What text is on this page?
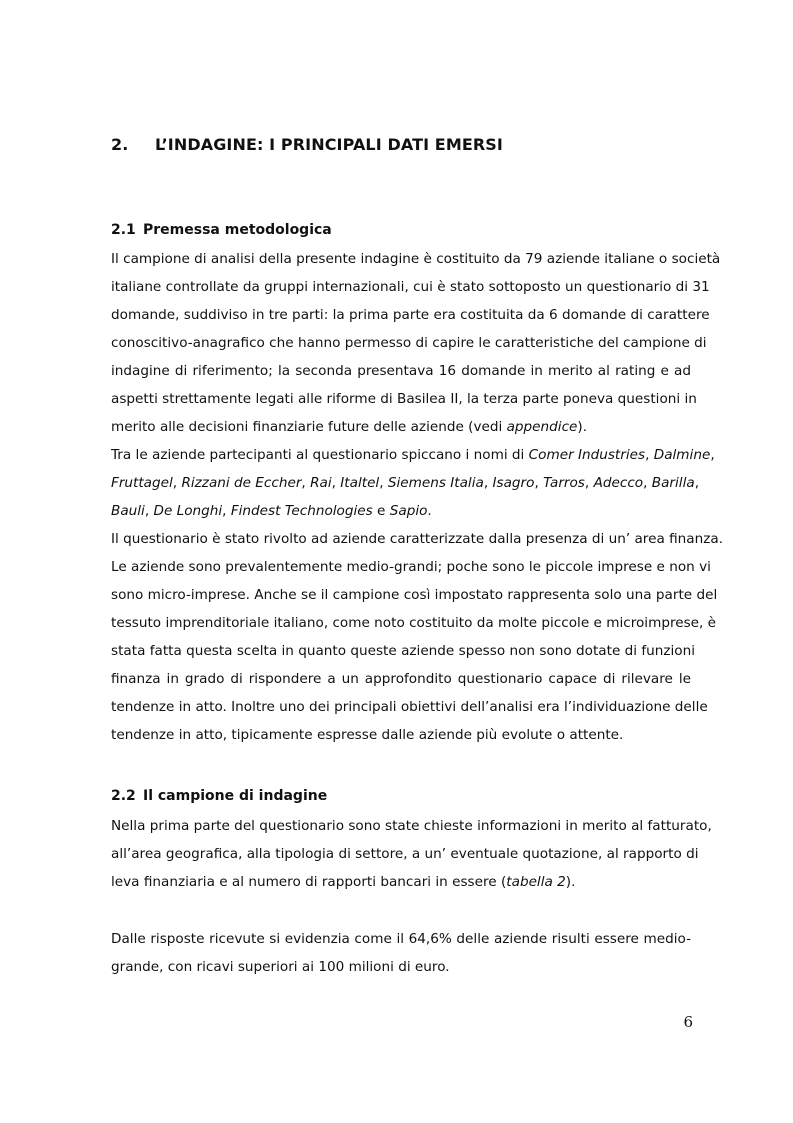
2. L’INDAGINE: I PRINCIPALI DATI EMERSI
2.1 Premessa metodologica
Il campione di analisi della presente indagine è costituito da 79 aziende italiane o società
italiane controllate da gruppi internazionali, cui è stato sottoposto un questionario di 31
domande, suddiviso in tre parti: la prima parte era costituita da 6 domande di carattere
conoscitivo-anagrafico che hanno permesso di capire le caratteristiche del campione di
indagine di riferimento; la seconda presentava 16 domande in merito al rating e ad
aspetti strettamente legati alle riforme di Basilea II, la terza parte poneva questioni in
merito alle decisioni finanziarie future delle aziende (vedi appendice).
Tra le aziende partecipanti al questionario spiccano i nomi di Comer Industries, Dalmine,
Fruttagel, Rizzani de Eccher, Rai, Italtel, Siemens Italia, Isagro, Tarros, Adecco, Barilla,
Bauli, De Longhi, Findest Technologies e Sapio.
Il questionario è stato rivolto ad aziende caratterizzate dalla presenza di un’ area finanza.
Le aziende sono prevalentemente medio-grandi; poche sono le piccole imprese e non vi
sono micro-imprese. Anche se il campione così impostato rappresenta solo una parte del
tessuto imprenditoriale italiano, come noto costituito da molte piccole e microimprese, è
stata fatta questa scelta in quanto queste aziende spesso non sono dotate di funzioni
finanza in grado di rispondere a un approfondito questionario capace di rilevare le
tendenze in atto. Inoltre uno dei principali obiettivi dell’analisi era l’individuazione delle
tendenze in atto, tipicamente espresse dalle aziende più evolute o attente.
2.2 Il campione di indagine
Nella prima parte del questionario sono state chieste informazioni in merito al fatturato,
all’area geografica, alla tipologia di settore, a un’ eventuale quotazione, al rapporto di
leva finanziaria e al numero di rapporti bancari in essere (tabella 2).
Dalle risposte ricevute si evidenzia come il 64,6% delle aziende risulti essere medio-
grande, con ricavi superiori ai 100 milioni di euro.
6
